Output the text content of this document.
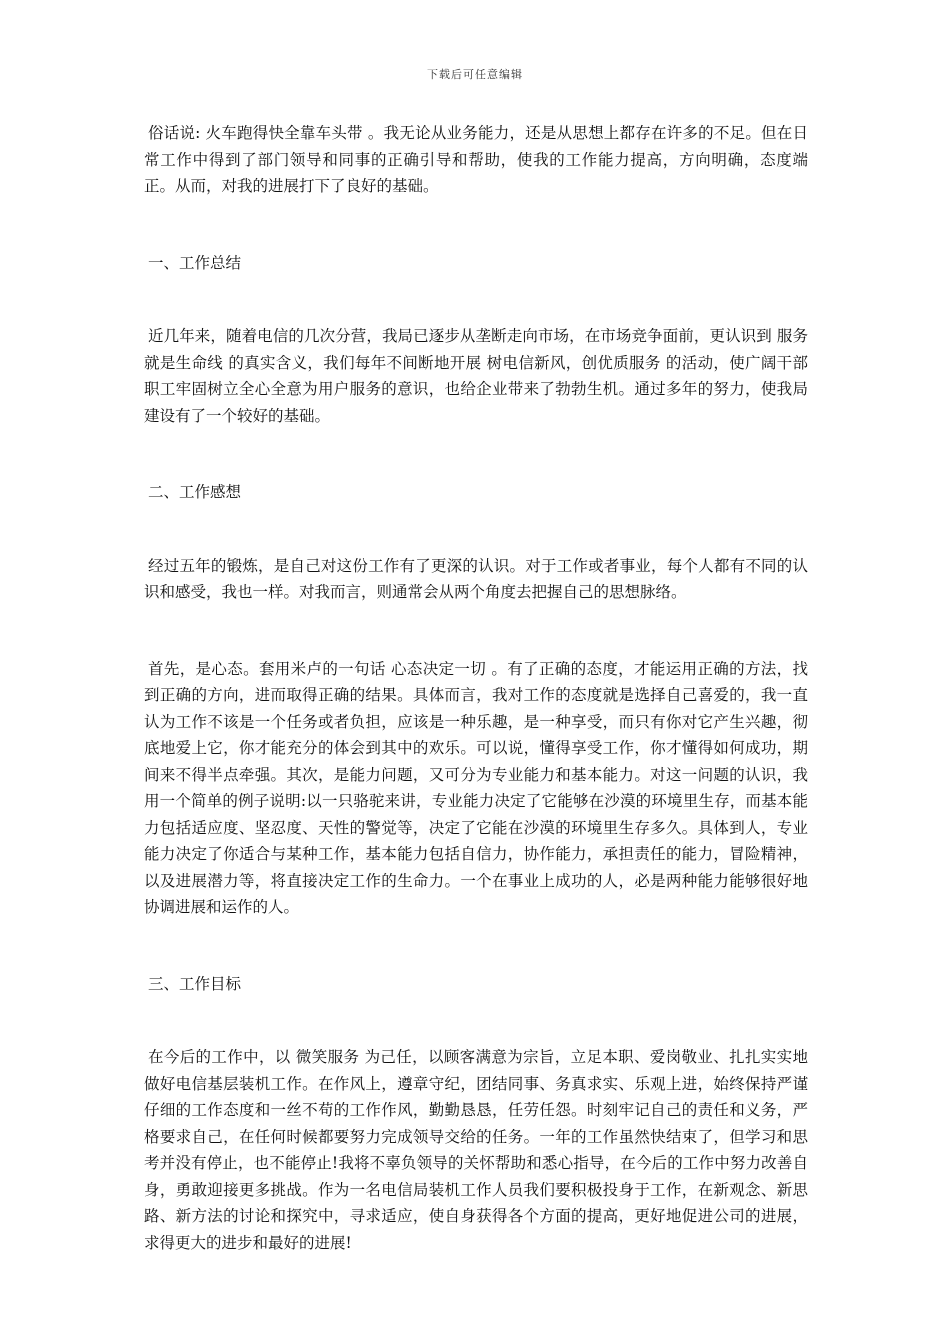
下载后可任意编辑

俗话说: 火车跑得快全靠车头带 。我无论从业务能力，还是从思想上都存在许多的不足。但在日常工作中得到了部门领导和同事的正确引导和帮助，使我的工作能力提高，方向明确，态度端正。从而，对我的进展打下了良好的基础。

一、工作总结

近几年来，随着电信的几次分营，我局已逐步从垄断走向市场，在市场竞争面前，更认识到 服务就是生命线 的真实含义，我们每年不间断地开展 树电信新风，创优质服务 的活动，使广阔干部职工牢固树立全心全意为用户服务的意识，也给企业带来了勃勃生机。通过多年的努力，使我局建设有了一个较好的基础。

二、工作感想

经过五年的锻炼，是自己对这份工作有了更深的认识。对于工作或者事业，每个人都有不同的认识和感受，我也一样。对我而言，则通常会从两个角度去把握自己的思想脉络。

首先，是心态。套用米卢的一句话 心态决定一切 。有了正确的态度，才能运用正确的方法，找到正确的方向，进而取得正确的结果。具体而言，我对工作的态度就是选择自己喜爱的，我一直认为工作不该是一个任务或者负担，应该是一种乐趣，是一种享受，而只有你对它产生兴趣，彻底地爱上它，你才能充分的体会到其中的欢乐。可以说，懂得享受工作，你才懂得如何成功，期间来不得半点牵强。其次，是能力问题，又可分为专业能力和基本能力。对这一问题的认识，我用一个简单的例子说明:以一只骆驼来讲，专业能力决定了它能够在沙漠的环境里生存，而基本能力包括适应度、坚忍度、天性的警觉等，决定了它能在沙漠的环境里生存多久。具体到人，专业能力决定了你适合与某种工作，基本能力包括自信力，协作能力，承担责任的能力，冒险精神，以及进展潜力等，将直接决定工作的生命力。一个在事业上成功的人，必是两种能力能够很好地协调进展和运作的人。

三、工作目标

在今后的工作中，以 微笑服务 为己任，以顾客满意为宗旨，立足本职、爱岗敬业、扎扎实实地做好电信基层装机工作。在作风上，遵章守纪，团结同事、务真求实、乐观上进，始终保持严谨仔细的工作态度和一丝不苟的工作作风，勤勤恳恳，任劳任怨。时刻牢记自己的责任和义务，严格要求自己，在任何时候都要努力完成领导交给的任务。一年的工作虽然快结束了，但学习和思考并没有停止，也不能停止!我将不辜负领导的关怀帮助和悉心指导，在今后的工作中努力改善自身，勇敢迎接更多挑战。作为一名电信局装机工作人员我们要积极投身于工作，在新观念、新思路、新方法的讨论和探究中，寻求适应，使自身获得各个方面的提高，更好地促进公司的进展，求得更大的进步和最好的进展!
